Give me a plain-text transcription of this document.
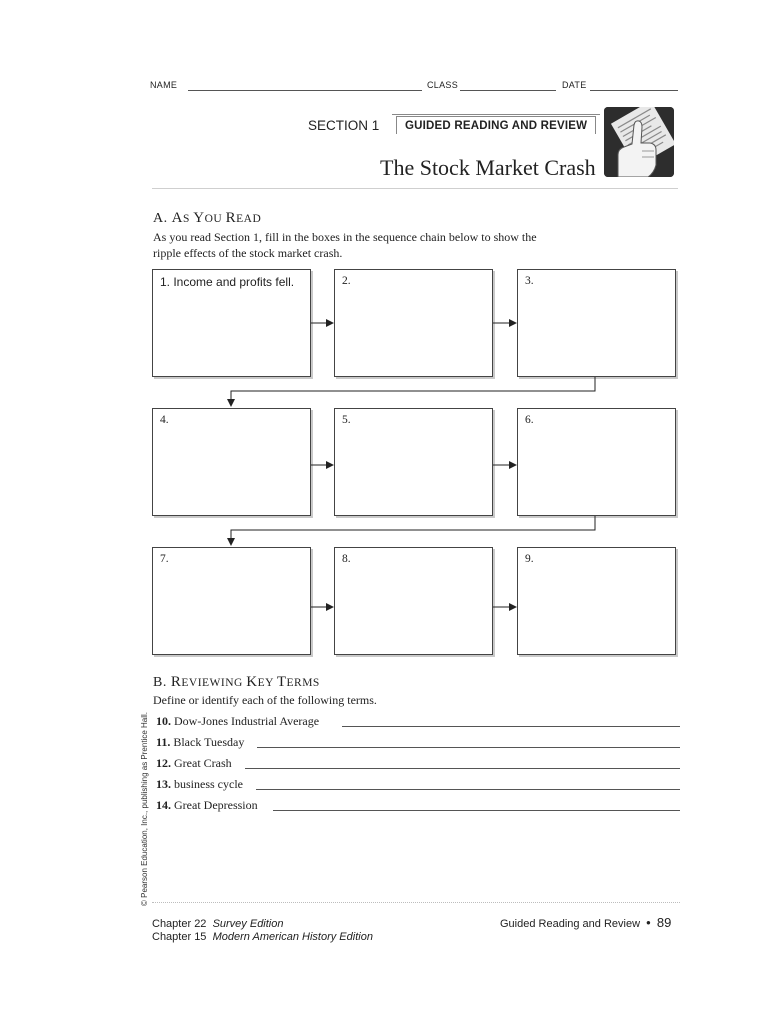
NAME	CLASS	DATE
SECTION 1	GUIDED READING AND REVIEW
The Stock Market Crash
A. AS YOU READ
As you read Section 1, fill in the boxes in the sequence chain below to show the
ripple effects of the stock market crash.
1. Income and profits fell.	2.	3.
4.	5.	6.
7.	8.	9.
B. REVIEWING KEY TERMS
Define or identify each of the following terms.
10. Dow-Jones Industrial Average
11. Black Tuesday
12. Great Crash
13. business cycle
14. Great Depression
© Pearson Education, Inc., publishing as Prentice Hall.
Chapter 22 Survey Edition
Chapter 15 Modern American History Edition
Guided Reading and Review • 89
